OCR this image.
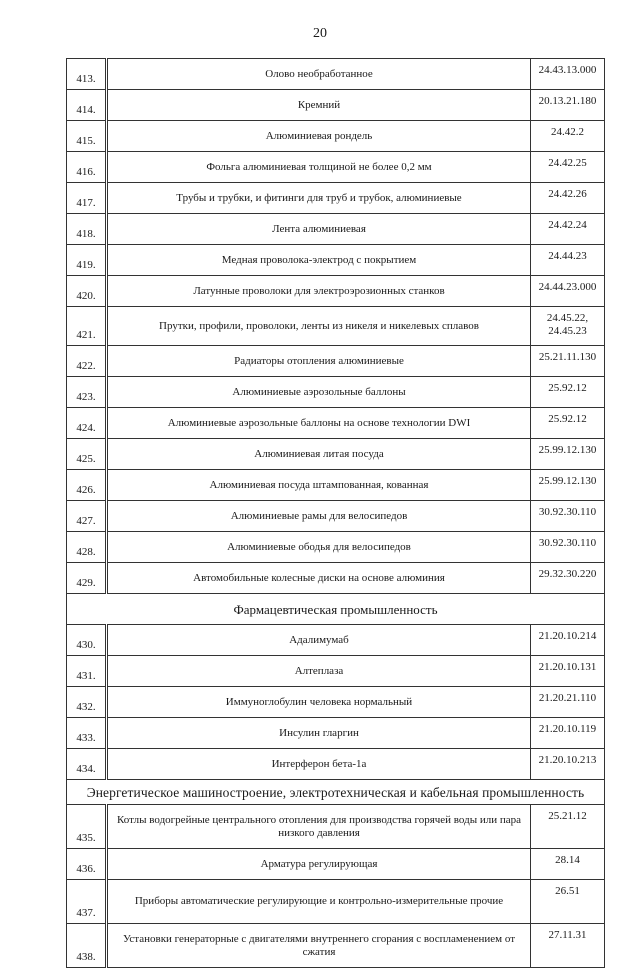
20
413.	Олово необработанное	24.43.13.000
414.	Кремний	20.13.21.180
415.	Алюминиевая рондель	24.42.2
416.	Фольга алюминиевая толщиной не более 0,2 мм	24.42.25
417.	Трубы и трубки, и фитинги для труб и трубок, алюминиевые	24.42.26
418.	Лента алюминиевая	24.42.24
419.	Медная проволока-электрод с покрытием	24.44.23
420.	Латунные проволоки для электроэрозионных станков	24.44.23.000
421.	Прутки, профили, проволоки, ленты из никеля и никелевых сплавов	24.45.22,
24.45.23
422.	Радиаторы отопления алюминиевые	25.21.11.130
423.	Алюминиевые аэрозольные баллоны	25.92.12
424.	Алюминиевые аэрозольные баллоны на основе технологии DWI	25.92.12
425.	Алюминиевая литая посуда	25.99.12.130
426.	Алюминиевая посуда штампованная, кованная	25.99.12.130
427.	Алюминиевые рамы для велосипедов	30.92.30.110
428.	Алюминиевые ободья для велосипедов	30.92.30.110
429.	Автомобильные колесные диски на основе алюминия	29.32.30.220
Фармацевтическая промышленность		
430.	Адалимумаб	21.20.10.214
431.	Алтеплаза	21.20.10.131
432.	Иммуноглобулин человека нормальный	21.20.21.110
433.	Инсулин гларгин	21.20.10.119
434.	Интерферон бета-1а	21.20.10.213
Энергетическое машиностроение, электротехническая и кабельная промышленность		
435.	Котлы водогрейные центрального отопления для производства горячей воды или пара низкого давления	25.21.12
436.	Арматура регулирующая	28.14
437.	Приборы автоматические регулирующие и контрольно-измерительные прочие	26.51
438.	Установки генераторные с двигателями внутреннего сгорания с воспламенением от сжатия	27.11.31
